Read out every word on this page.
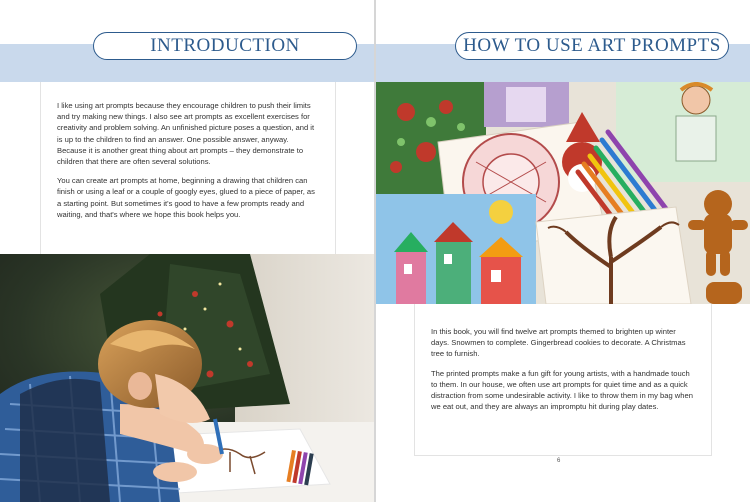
INTRODUCTION

I like using art prompts because they encourage children to push their limits and try making new things. I also see art prompts as excellent exercises for creativity and problem solving. An unfinished picture poses a question, and it is up to the children to find an answer. One possible answer, anyway. Because it is another great thing about art prompts – they demonstrate to children that there are often several solutions.

You can create art prompts at home, beginning a drawing that children can finish or using a leaf or a couple of googly eyes, glued to a piece of paper, as a starting point. But sometimes it's good to have a few prompts ready and waiting, and that's where we hope this book helps you.

HOW TO USE ART PROMPTS

In this book, you will find twelve art prompts themed to brighten up winter days. Snowmen to complete. Gingerbread cookies to decorate. A Christmas tree to furnish.

The printed prompts make a fun gift for young artists, with a handmade touch to them. In our house, we often use art prompts for quiet time and as a quick distraction from some undesirable activity. I like to throw them in my bag when we eat out, and they are always an impromptu hit during play dates.

6
